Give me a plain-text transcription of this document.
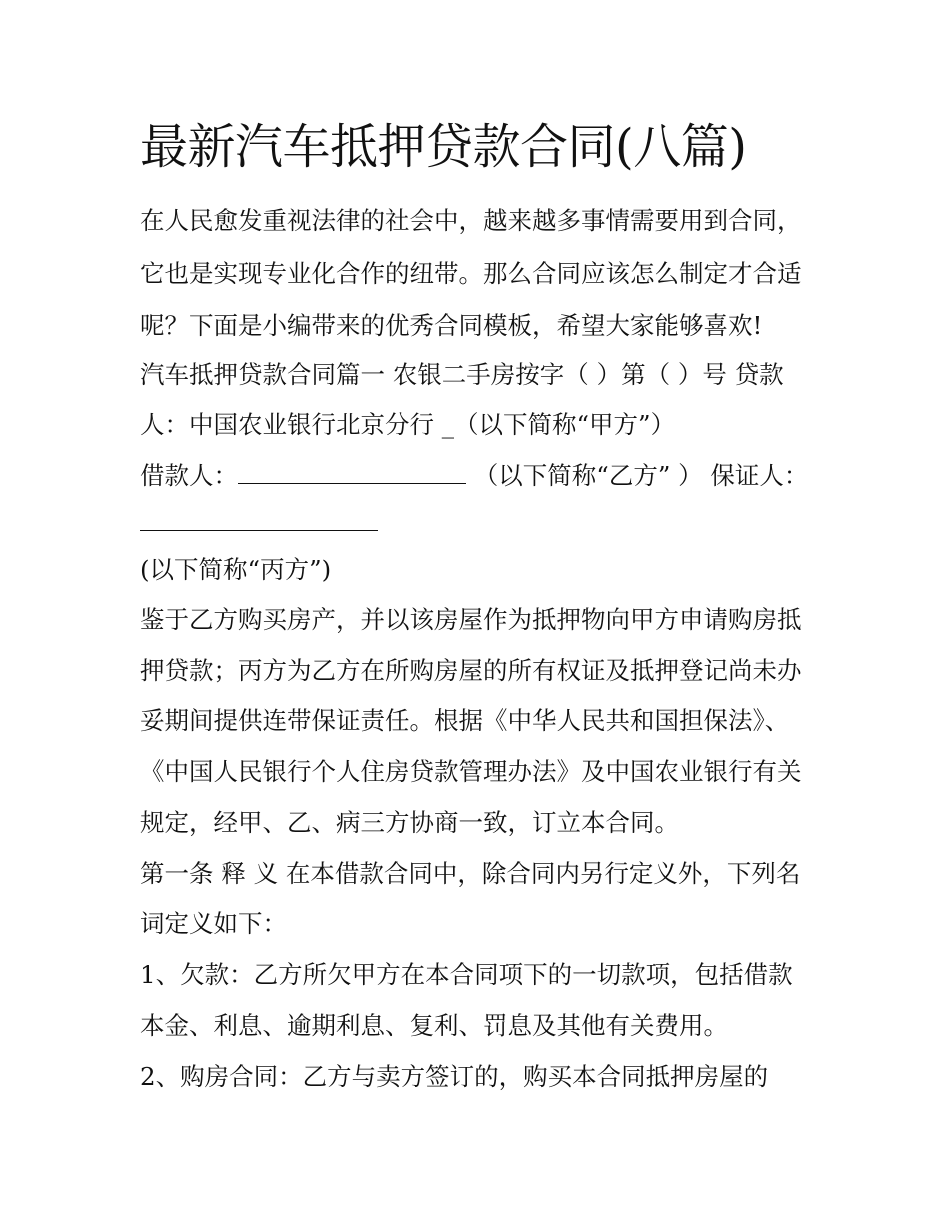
最新汽车抵押贷款合同(八篇)
在人民愈发重视法律的社会中，越来越多事情需要用到合同，
它也是实现专业化合作的纽带。那么合同应该怎么制定才合适
呢？下面是小编带来的优秀合同模板，希望大家能够喜欢!
汽车抵押贷款合同篇一 农银二手房按字（ ）第（ ）号 贷款
人：中国农业银行北京分行 _（以下简称“甲方”）
借款人：	（以下简称“乙方” ） 保证人：
(以下简称“丙方”)
鉴于乙方购买房产，并以该房屋作为抵押物向甲方申请购房抵
押贷款；丙方为乙方在所购房屋的所有权证及抵押登记尚未办
妥期间提供连带保证责任。根据《中华人民共和国担保法》、
《中国人民银行个人住房贷款管理办法》及中国农业银行有关
规定，经甲、乙、病三方协商一致，订立本合同。
第一条 释 义 在本借款合同中，除合同内另行定义外，下列名
词定义如下：
1、欠款：乙方所欠甲方在本合同项下的一切款项，包括借款
本金、利息、逾期利息、复利、罚息及其他有关费用。
2、购房合同：乙方与卖方签订的，购买本合同抵押房屋的
